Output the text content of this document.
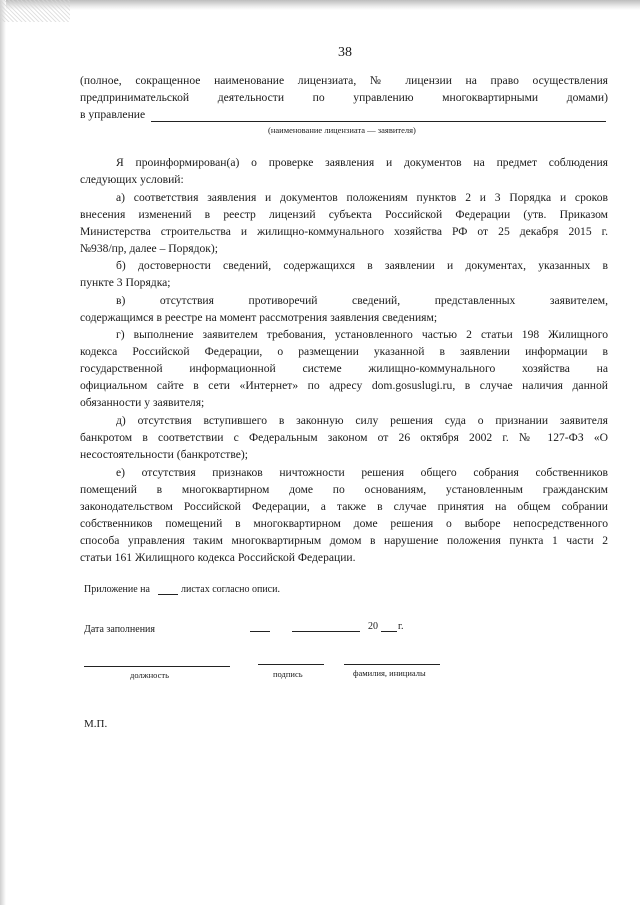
38
(полное, сокращенное наименование лицензиата, № лицензии на право осуществления
предпринимательской деятельности по управлению многоквартирными домами)
в управление
(наименование лицензиата — заявителя)
Я проинформирован(а) о проверке заявления и документов на предмет соблюдения
следующих условий:
а) соответствия заявления и документов положениям пунктов 2 и 3 Порядка и сроков
внесения изменений в реестр лицензий субъекта Российской Федерации (утв. Приказом
Министерства строительства и жилищно-коммунального хозяйства РФ от 25 декабря 2015 г.
№938/пр, далее – Порядок);
б) достоверности сведений, содержащихся в заявлении и документах, указанных в
пункте 3 Порядка;
в) отсутствия противоречий сведений, представленных заявителем,
содержащимся в реестре на момент рассмотрения заявления сведениям;
г) выполнение заявителем требования, установленного частью 2 статьи 198 Жилищного
кодекса Российской Федерации, о размещении указанной в заявлении информации в
государственной информационной системе жилищно-коммунального хозяйства на
официальном сайте в сети «Интернет» по адресу dom.gosuslugi.ru, в случае наличия данной
обязанности у заявителя;
д) отсутствия вступившего в законную силу решения суда о признании заявителя
банкротом в соответствии с Федеральным законом от 26 октября 2002 г. № 127-ФЗ «О
несостоятельности (банкротстве);
е) отсутствия признаков ничтожности решения общего собрания собственников
помещений в многоквартирном доме по основаниям, установленным гражданским
законодательством Российской Федерации, а также в случае принятия на общем собрании
собственников помещений в многоквартирном доме решения о выборе непосредственного
способа управления таким многоквартирным домом в нарушение положения пункта 1 части 2
статьи 161 Жилищного кодекса Российской Федерации.
Приложение на	листах согласно описи.
Дата заполнения	20 г.
должность	подпись	фамилия, инициалы
М.П.
